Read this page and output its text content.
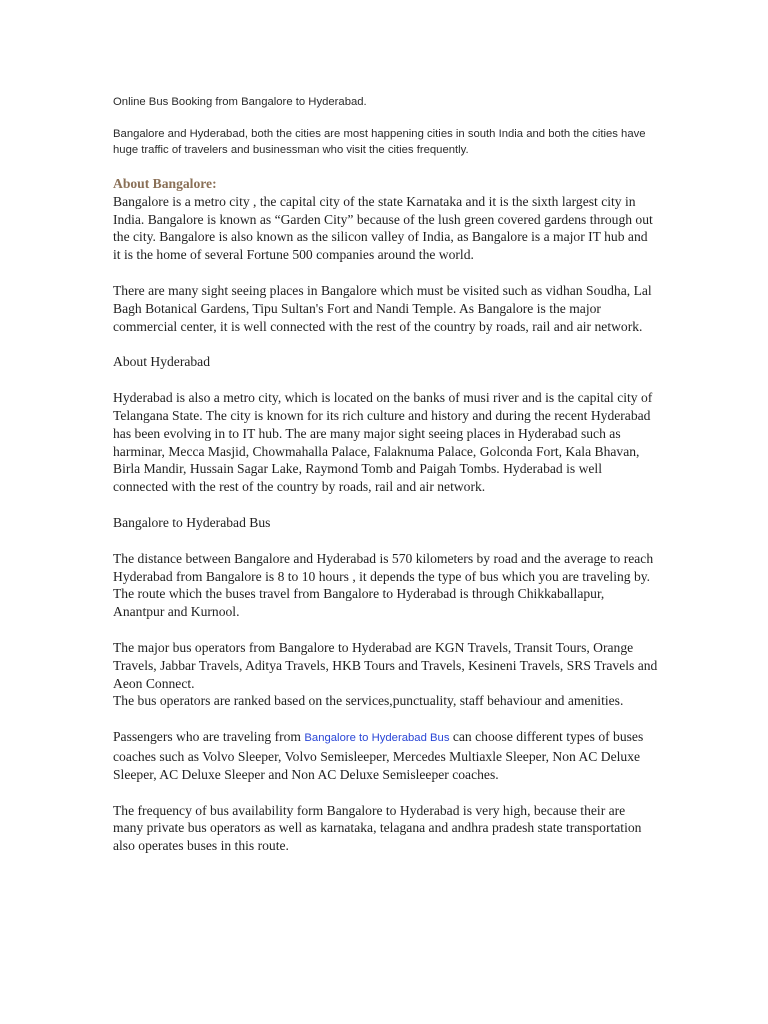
Online Bus Booking from Bangalore to Hyderabad.

Bangalore and Hyderabad, both the cities are most happening cities in south India and both the cities have huge traffic of travelers and businessman who visit the cities frequently.

About Bangalore:

Bangalore is a metro city , the capital city of the state Karnataka and it is the sixth largest city in India. Bangalore is known as “Garden City” because of the lush green covered gardens through out the city. Bangalore is also known as the silicon valley of India, as Bangalore is a major IT hub and it is the home of several Fortune 500 companies around the world.

There are many sight seeing places in Bangalore which must be visited such as vidhan Soudha, Lal Bagh Botanical Gardens, Tipu Sultan's Fort and Nandi Temple. As Bangalore is the major commercial center, it is well connected with the rest of the country by roads, rail and air network.

About Hyderabad

Hyderabad is also a metro city, which is located on the banks of musi river and is the capital city of Telangana State. The city is known for its rich culture and history and during the recent Hyderabad has been evolving in to IT hub. The are many major sight seeing places in Hyderabad such as harminar, Mecca Masjid, Chowmahalla Palace, Falaknuma Palace, Golconda Fort, Kala Bhavan, Birla Mandir, Hussain Sagar Lake, Raymond Tomb and Paigah Tombs. Hyderabad is well connected with the rest of the country by roads, rail and air network.

Bangalore to Hyderabad Bus

The distance between Bangalore and Hyderabad is 570 kilometers by road and the average to reach Hyderabad from Bangalore is 8 to 10 hours , it depends the type of bus which you are traveling by. The route which the buses travel from Bangalore to Hyderabad is through Chikkaballapur, Anantpur and Kurnool.

The major bus operators from Bangalore to Hyderabad are KGN Travels, Transit Tours, Orange Travels, Jabbar Travels, Aditya Travels, HKB Tours and Travels, Kesineni Travels, SRS Travels and Aeon Connect.

The bus operators are ranked based on the services,punctuality, staff behaviour and amenities.

Passengers who are traveling from Bangalore to Hyderabad Bus can choose different types of buses coaches such as Volvo Sleeper, Volvo Semisleeper, Mercedes Multiaxle Sleeper, Non AC Deluxe Sleeper, AC Deluxe Sleeper and Non AC Deluxe Semisleeper coaches.

The frequency of bus availability form Bangalore to Hyderabad is very high, because their are many private bus operators as well as karnataka, telagana and andhra pradesh state transportation also operates buses in this route.
